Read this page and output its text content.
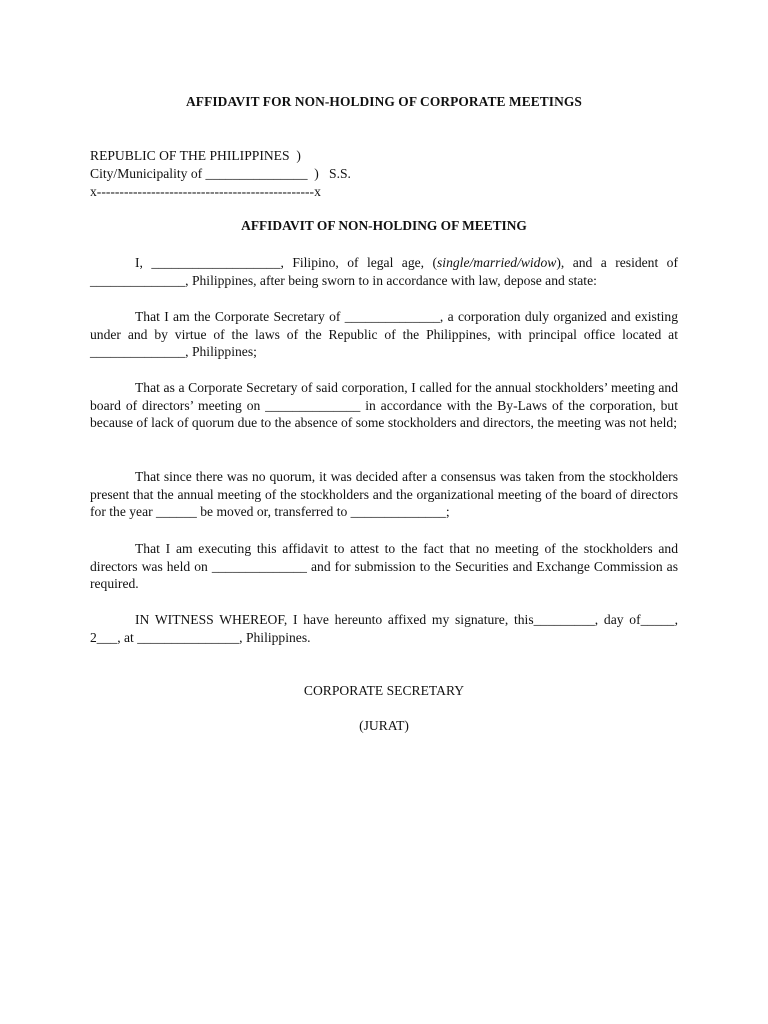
AFFIDAVIT FOR NON-HOLDING OF CORPORATE MEETINGS
REPUBLIC OF THE PHILIPPINES  )
City/Municipality of _______________  )   S.S.
x------------------------------------------------x
AFFIDAVIT OF NON-HOLDING OF MEETING

I, ___________________, Filipino, of legal age, (single/married/widow), and a resident of ______________, Philippines, after being sworn to in accordance with law, depose and state:

That I am the Corporate Secretary of ______________, a corporation duly organized and existing under and by virtue of the laws of the Republic of the Philippines, with principal office located at ______________, Philippines;

That as a Corporate Secretary of said corporation, I called for the annual stockholders’ meeting and board of directors’ meeting on ______________ in accordance with the By-Laws of the corporation, but because of lack of quorum due to the absence of some stockholders and directors, the meeting was not held;

That since there was no quorum, it was decided after a consensus was taken from the stockholders present that the annual meeting of the stockholders and the organizational meeting of the board of directors for the year ______ be moved or, transferred to ______________;

That I am executing this affidavit to attest to the fact that no meeting of the stockholders and directors was held on ______________ and for submission to the Securities and Exchange Commission as required.

IN WITNESS WHEREOF, I have hereunto affixed my signature, this_________, day of_____, 2___, at _______________, Philippines.

CORPORATE SECRETARY

(JURAT)
